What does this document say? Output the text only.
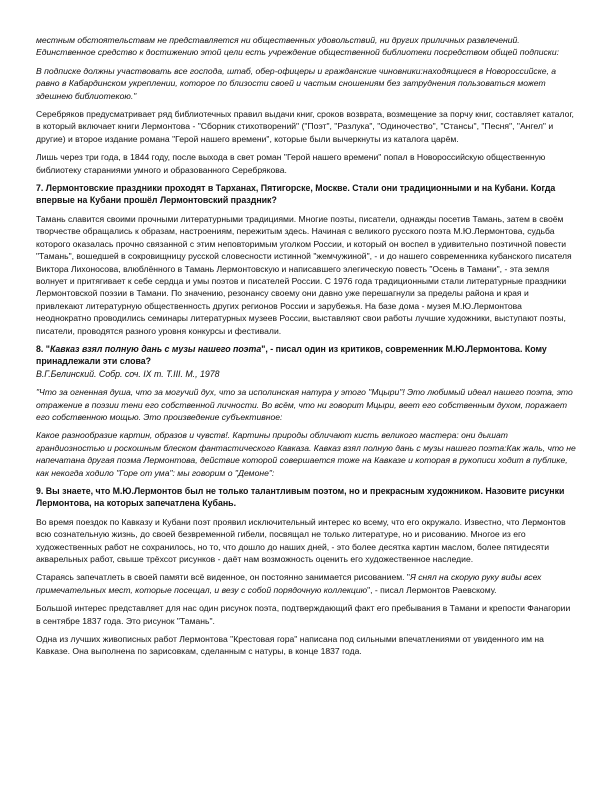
местным обстоятельствам не представляется ни общественных удовольствий, ни других приличных развлечений. Единственное средство к достижению этой цели есть учреждение общественной библиотеки посредством общей подписки:

В подписке должны участвовать все господа, штаб, обер-офицеры и гражданские чиновники:находящиеся в Новороссийске, а равно в Кабардинском укреплении, которое по близости своей и частым сношениям без затруднения пользоваться может здешнею библиотекою."

Серебряков предусматривает ряд библиотечных правил выдачи книг, сроков возврата, возмещение за порчу книг, составляет каталог, в который включает книги Лермонтова - "Сборник стихотворений" ("Поэт", "Разлука", "Одиночество", "Стансы", "Песня", "Ангел" и другие) и второе издание романа "Герой нашего времени", которые были вычеркнуты из каталога царём.

Лишь через три года, в 1844 году, после выхода в свет роман "Герой нашего времени" попал в Новороссийскую общественную библиотеку стараниями умного и образованного Серебрякова.

7. Лермонтовские праздники проходят в Тарханах, Пятигорске, Москве. Стали они традиционными и на Кубани. Когда впервые на Кубани прошёл Лермонтовский праздник?

Тамань славится своими прочными литературными традициями. Многие поэты, писатели, однажды посетив Тамань, затем в своём творчестве обращались к образам, настроениям, пережитым здесь. Начиная с великого русского поэта М.Ю.Лермонтова, судьба которого оказалась прочно связанной с этим неповторимым уголком России, и который он воспел в удивительно поэтичной повести "Тамань", вошедшей в сокровищницу русской словесности истинной "жемчужиной", - и до нашего современника кубанского писателя Виктора Лихоносова, влюблённого в Тамань Лермонтовскую и написавшего элегическую повесть "Осень в Тамани", - эта земля волнует и притягивает к себе сердца и умы поэтов и писателей России. С 1976 года традиционными стали литературные праздники Лермонтовской поэзии в Тамани. По значению, резонансу своему они давно уже перешагнули за пределы района и края и привлекают литературную общественность других регионов России и зарубежья. На базе дома - музея М.Ю.Лермонтова неоднократно проводились семинары литературных музеев России, выставляют свои работы лучшие художники, выступают поэты, писатели, проводятся разного уровня конкурсы и фестивали.

8. "Кавказ взял полную дань с музы нашего поэта", - писал один из критиков, современник М.Ю.Лермонтова. Кому принадлежали эти слова?
В.Г.Белинский. Собр. соч. IX т. Т.III. М., 1978

"Что за огненная душа, что за могучий дух, что за исполинская натура у этого "Мцыри"! Это любимый идеал нашего поэта, это отражение в поэзии тени его собственной личности. Во всём, что ни говорит Мцыри, веет его собственным духом, поражает его собственною мощью. Это произведение субъективное:

Какое разнообразие картин, образов и чувств!. Картины природы обличают кисть великого мастера: они дышат грандиозностью и роскошным блеском фантастического Кавказа. Кавказ взял полную дань с музы нашего поэта:Как жаль, что не напечатана другая поэма Лермонтова, действие которой совершается тоже на Кавказе и которая в рукописи ходит в публике, как некогда ходило "Горе от ума": мы говорим о "Демоне":

9. Вы знаете, что М.Ю.Лермонтов был не только талантливым поэтом, но и прекрасным художником. Назовите рисунки Лермонтова, на которых запечатлена Кубань.

Во время поездок по Кавказу и Кубани поэт проявил исключительный интерес ко всему, что его окружало. Известно, что Лермонтов всю сознательную жизнь, до своей безвременной гибели, посвящал не только литературе, но и рисованию. Многое из его художественных работ не сохранилось, но то, что дошло до наших дней, - это более десятка картин маслом, более пятидесяти акварельных работ, свыше трёхсот рисунков - даёт нам возможность оценить его художественное наследие.

Стараясь запечатлеть в своей памяти всё виденное, он постоянно занимается рисованием. "Я снял на скорую руку виды всех примечательных мест, которые посещал, и везу с собой порядочную коллекцию", - писал Лермонтов Раевскому.

Большой интерес представляет для нас один рисунок поэта, подтверждающий факт его пребывания в Тамани и крепости Фанагории в сентябре 1837 года. Это рисунок "Тамань".

Одна из лучших живописных работ Лермонтова "Крестовая гора" написана под сильными впечатлениями от увиденного им на Кавказе. Она выполнена по зарисовкам, сделанным с натуры, в конце 1837 года.
